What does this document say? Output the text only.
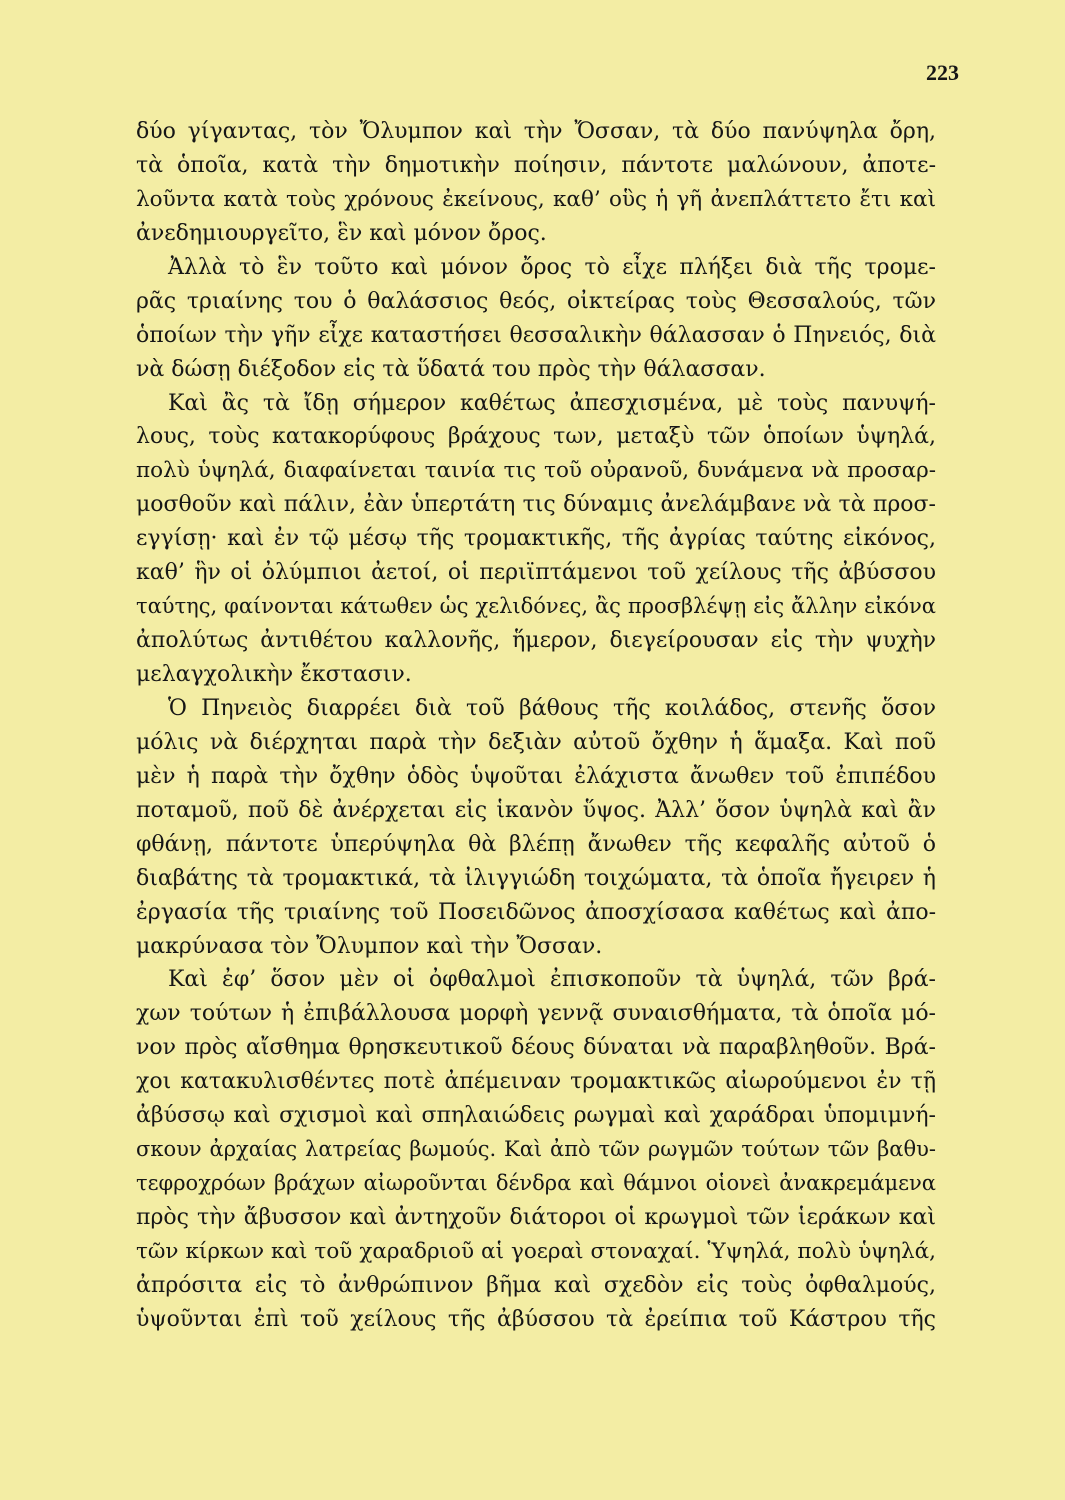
223
δύο γίγαντας, τὸν Ὄλυμπον καὶ τὴν Ὄσσαν, τὰ δύο πανύψηλα ὄρη,
τὰ ὁποῖα, κατὰ τὴν δημοτικὴν ποίησιν, πάντοτε μαλώνουν, ἀποτε-
λοῦντα κατὰ τοὺς χρόνους ἐκείνους, καθ’ οὓς ἡ γῆ ἀνεπλάττετο ἔτι καὶ
ἀνεδημιουργεῖτο, ἓν καὶ μόνον ὄρος.
Ἀλλὰ τὸ ἓν τοῦτο καὶ μόνον ὄρος τὸ εἶχε πλήξει διὰ τῆς τρομε-
ρᾶς τριαίνης του ὁ θαλάσσιος θεός, οἰκτείρας τοὺς Θεσσαλούς, τῶν
ὁποίων τὴν γῆν εἶχε καταστήσει θεσσαλικὴν θάλασσαν ὁ Πηνειός, διὰ
νὰ δώσῃ διέξοδον εἰς τὰ ὕδατά του πρὸς τὴν θάλασσαν.
Καὶ ἂς τὰ ἴδῃ σήμερον καθέτως ἀπεσχισμένα, μὲ τοὺς πανυψή-
λους, τοὺς κατακορύφους βράχους των, μεταξὺ τῶν ὁποίων ὑψηλά,
πολὺ ὑψηλά, διαφαίνεται ταινία τις τοῦ οὐρανοῦ, δυνάμενα νὰ προσαρ-
μοσθοῦν καὶ πάλιν, ἐὰν ὑπερτάτη τις δύναμις ἀνελάμβανε νὰ τὰ προσ-
εγγίσῃ· καὶ ἐν τῷ μέσῳ τῆς τρομακτικῆς, τῆς ἀγρίας ταύτης εἰκόνος,
καθ’ ἣν οἱ ὀλύμπιοι ἀετοί, οἱ περιϊπτάμενοι τοῦ χείλους τῆς ἀβύσσου
ταύτης, φαίνονται κάτωθεν ὡς χελιδόνες, ἂς προσβλέψῃ εἰς ἄλλην εἰκόνα
ἀπολύτως ἀντιθέτου καλλονῆς, ἥμερον, διεγείρουσαν εἰς τὴν ψυχὴν
μελαγχολικὴν ἔκστασιν.
Ὁ Πηνειὸς διαρρέει διὰ τοῦ βάθους τῆς κοιλάδος, στενῆς ὅσον
μόλις νὰ διέρχηται παρὰ τὴν δεξιὰν αὐτοῦ ὄχθην ἡ ἅμαξα. Καὶ ποῦ
μὲν ἡ παρὰ τὴν ὄχθην ὁδὸς ὑψοῦται ἐλάχιστα ἄνωθεν τοῦ ἐπιπέδου
ποταμοῦ, ποῦ δὲ ἀνέρχεται εἰς ἱκανὸν ὕψος. Ἀλλ’ ὅσον ὑψηλὰ καὶ ἂν
φθάνῃ, πάντοτε ὑπερύψηλα θὰ βλέπῃ ἄνωθεν τῆς κεφαλῆς αὐτοῦ ὁ
διαβάτης τὰ τρομακτικά, τὰ ἰλιγγιώδη τοιχώματα, τὰ ὁποῖα ἤγειρεν ἡ
ἐργασία τῆς τριαίνης τοῦ Ποσειδῶνος ἀποσχίσασα καθέτως καὶ ἀπο-
μακρύνασα τὸν Ὄλυμπον καὶ τὴν Ὄσσαν.
Καὶ ἐφ’ ὅσον μὲν οἱ ὀφθαλμοὶ ἐπισκοποῦν τὰ ὑψηλά, τῶν βρά-
χων τούτων ἡ ἐπιβάλλουσα μορφὴ γεννᾷ συναισθήματα, τὰ ὁποῖα μό-
νον πρὸς αἴσθημα θρησκευτικοῦ δέους δύναται νὰ παραβληθοῦν. Βρά-
χοι κατακυλισθέντες ποτὲ ἀπέμειναν τρομακτικῶς αἰωρούμενοι ἐν τῇ
ἀβύσσῳ καὶ σχισμοὶ καὶ σπηλαιώδεις ρωγμαὶ καὶ χαράδραι ὑπομιμνή-
σκουν ἀρχαίας λατρείας βωμούς. Καὶ ἀπὸ τῶν ρωγμῶν τούτων τῶν βαθυ-
τεφροχρόων βράχων αἰωροῦνται δένδρα καὶ θάμνοι οἱονεὶ ἀνακρεμάμενα
πρὸς τὴν ἄβυσσον καὶ ἀντηχοῦν διάτοροι οἱ κρωγμοὶ τῶν ἱεράκων καὶ
τῶν κίρκων καὶ τοῦ χαραδριοῦ αἱ γοεραὶ στοναχαί. Ὑψηλά, πολὺ ὑψηλά,
ἀπρόσιτα εἰς τὸ ἀνθρώπινον βῆμα καὶ σχεδὸν εἰς τοὺς ὀφθαλμούς,
ὑψοῦνται ἐπὶ τοῦ χείλους τῆς ἀβύσσου τὰ ἐρείπια τοῦ Κάστρου τῆς
